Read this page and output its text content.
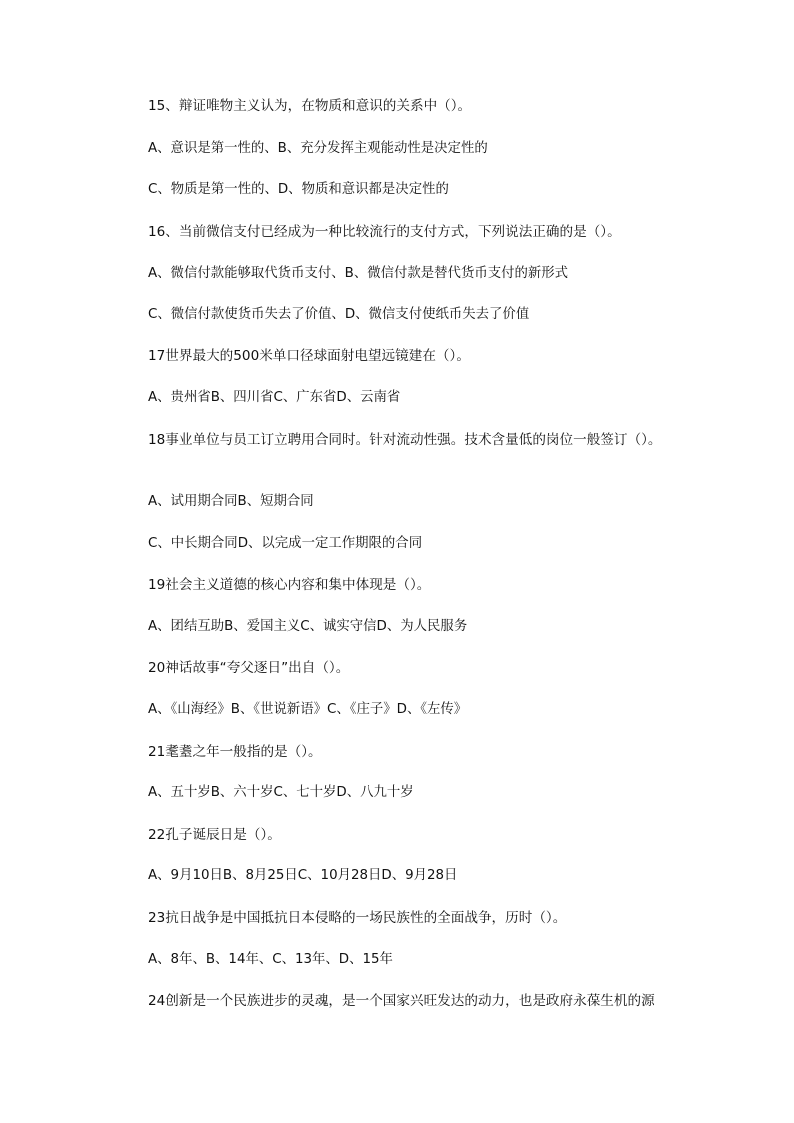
15、辩证唯物主义认为，在物质和意识的关系中（）。
A、意识是第一性的、B、充分发挥主观能动性是决定性的
C、物质是第一性的、D、物质和意识都是决定性的
16、当前微信支付已经成为一种比较流行的支付方式，下列说法正确的是（）。
A、微信付款能够取代货币支付、B、微信付款是替代货币支付的新形式
C、微信付款使货币失去了价值、D、微信支付使纸币失去了价值
17世界最大的500米单口径球面射电望远镜建在（）。
A、贵州省B、四川省C、广东省D、云南省
18事业单位与员工订立聘用合同时。针对流动性强。技术含量低的岗位一般签订（）。
A、试用期合同B、短期合同
C、中长期合同D、以完成一定工作期限的合同
19社会主义道德的核心内容和集中体现是（）。
A、团结互助B、爱国主义C、诚实守信D、为人民服务
20神话故事“夸父逐日”出自（）。
A、《山海经》B、《世说新语》C、《庄子》D、《左传》
21耄耋之年一般指的是（）。
A、五十岁B、六十岁C、七十岁D、八九十岁
22孔子诞辰日是（）。
A、9月10日B、8月25日C、10月28日D、9月28日
23抗日战争是中国抵抗日本侵略的一场民族性的全面战争，历时（）。
A、8年、B、14年、C、13年、D、15年
24创新是一个民族进步的灵魂，是一个国家兴旺发达的动力，也是政府永葆生机的源
